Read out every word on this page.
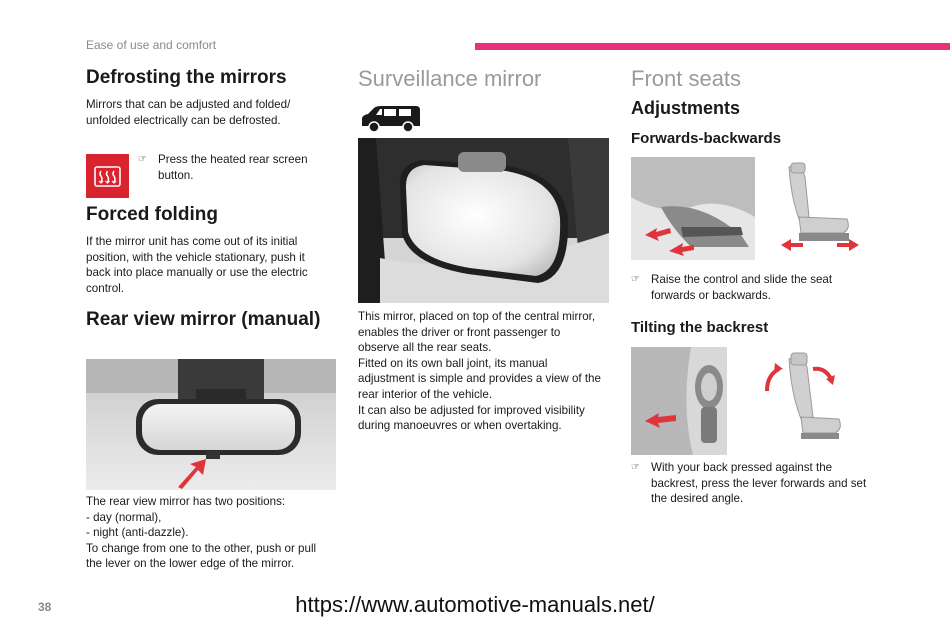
Ease of use and comfort
Defrosting the mirrors

Mirrors that can be adjusted and folded/

unfolded electrically can be defrosted.

☞ Press the heated rear screen
button.
Forced folding

If the mirror unit has come out of its initial

position, with the vehicle stationary, push it

back into place manually or use the electric

control.

Rear view mirror (manual)

The rear view mirror has two positions:

- day (normal),

- night (anti-dazzle).

To change from one to the other, push or pull

the lever on the lower edge of the mirror.

Surveillance mirror

This mirror, placed on top of the central mirror,

enables the driver or front passenger to

observe all the rear seats.

Fitted on its own ball joint, its manual

adjustment is simple and provides a view of the

rear interior of the vehicle.

It can also be adjusted for improved visibility

during manoeuvres or when overtaking.

Front seats
Adjustments
Forwards-backwards
☞ Raise the control and slide the seat
forwards or backwards.
Tilting the backrest
☞ With your back pressed against the
backrest, press the lever forwards and set
the desired angle.
38	https://www.automotive-manuals.net/
